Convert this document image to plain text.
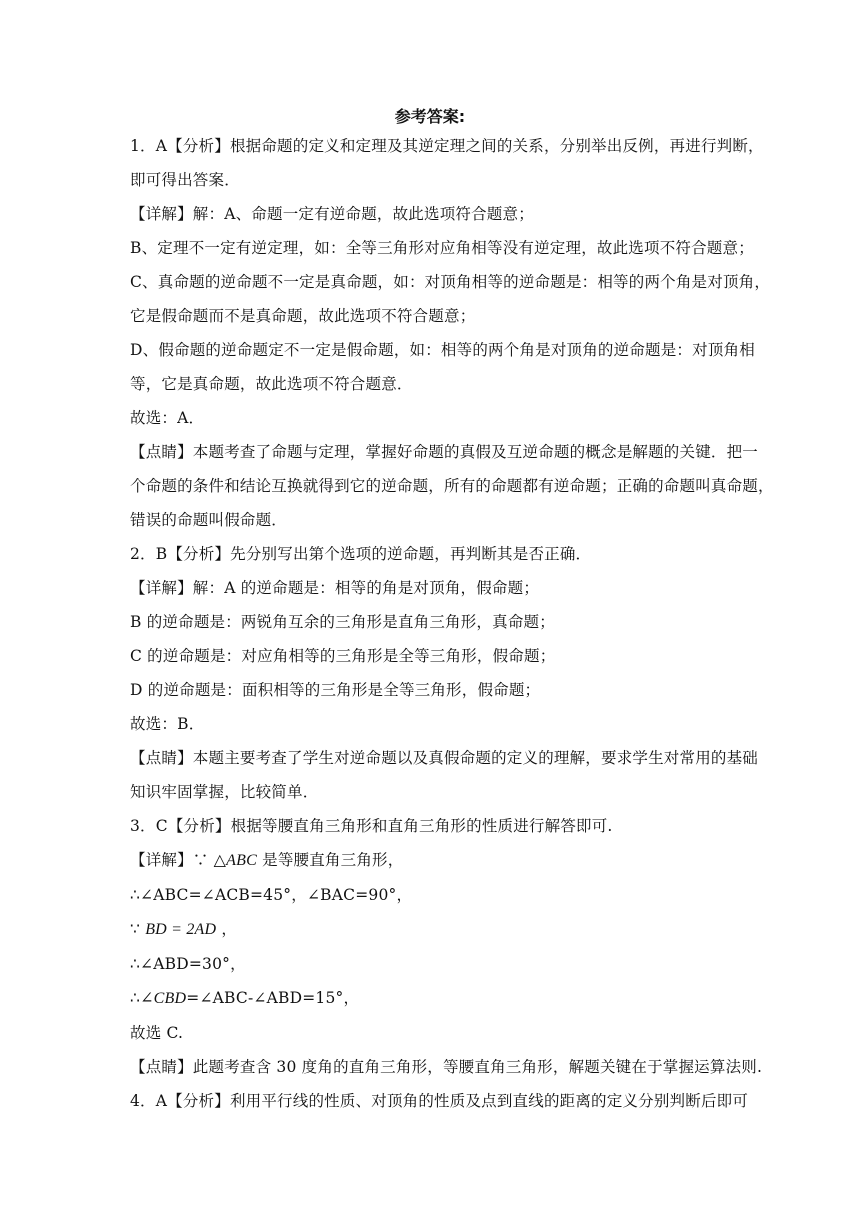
参考答案:

1．A【分析】根据命题的定义和定理及其逆定理之间的关系，分别举出反例，再进行判断，

即可得出答案．

【详解】解：A、命题一定有逆命题，故此选项符合题意；

B、定理不一定有逆定理，如：全等三角形对应角相等没有逆定理，故此选项不符合题意；

C、真命题的逆命题不一定是真命题，如：对顶角相等的逆命题是：相等的两个角是对顶角，

它是假命题而不是真命题，故此选项不符合题意；

D、假命题的逆命题定不一定是假命题，如：相等的两个角是对顶角的逆命题是：对顶角相

等，它是真命题，故此选项不符合题意．

故选：A．

【点睛】本题考查了命题与定理，掌握好命题的真假及互逆命题的概念是解题的关键．把一

个命题的条件和结论互换就得到它的逆命题，所有的命题都有逆命题；正确的命题叫真命题，

错误的命题叫假命题．

2．B【分析】先分别写出第个选项的逆命题，再判断其是否正确．

【详解】解：A 的逆命题是：相等的角是对顶角，假命题；

B 的逆命题是：两锐角互余的三角形是直角三角形，真命题；

C 的逆命题是：对应角相等的三角形是全等三角形，假命题；

D 的逆命题是：面积相等的三角形是全等三角形，假命题；

故选：B．

【点睛】本题主要考查了学生对逆命题以及真假命题的定义的理解，要求学生对常用的基础

知识牢固掌握，比较简单．

3．C【分析】根据等腰直角三角形和直角三角形的性质进行解答即可.

【详解】∵ △ABC 是等腰直角三角形，

∴∠ABC=∠ACB=45°，∠BAC=90°，

∵ BD = 2AD ，

∴∠ABD=30°，

∴∠CBD=∠ABC-∠ABD=15°，

故选 C.

【点睛】此题考查含 30 度角的直角三角形，等腰直角三角形，解题关键在于掌握运算法则.

4．A【分析】利用平行线的性质、对顶角的性质及点到直线的距离的定义分别判断后即可
